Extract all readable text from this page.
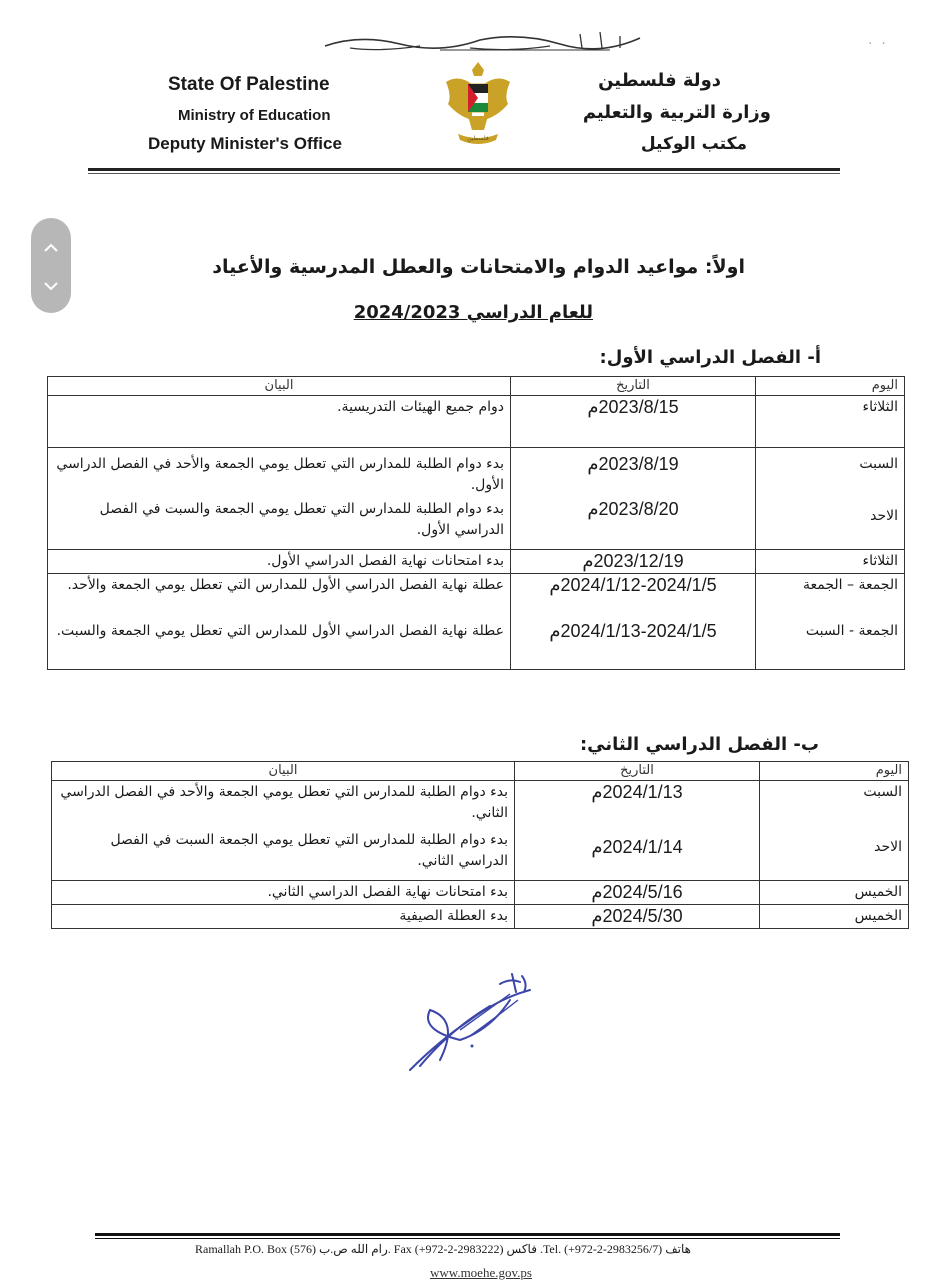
State Of Palestine
Ministry of Education
Deputy Minister's Office
دولة فلسطين
وزارة التربية والتعليم
مكتب الوكيل
فلسطين
·  ·
اولاً: مواعيد الدوام والامتحانات والعطل المدرسية والأعياد
للعام الدراسي 2024/2023
أ- الفصل الدراسي الأول:
اليوم	التاريخ	البيان
الثلاثاء	2023/8/15م	دوام جميع الهيئات التدريسية.
السبت	2023/8/19م	بدء دوام الطلبة للمدارس التي تعطل يومي الجمعة والأحد في الفصل الدراسي الأول.
الاحد	2023/8/20م	بدء دوام الطلبة للمدارس التي تعطل يومي الجمعة والسبت في الفصل الدراسي الأول.
الثلاثاء	2023/12/19م	بدء امتحانات نهاية الفصل الدراسي الأول.
الجمعة – الجمعة	2024/1/12-2024/1/5م	عطلة نهاية الفصل الدراسي الأول للمدارس التي تعطل يومي الجمعة والأحد.
الجمعة - السبت	2024/1/13-2024/1/5م	عطلة نهاية الفصل الدراسي الأول للمدارس التي تعطل يومي الجمعة والسبت.
ب- الفصل الدراسي الثاني:
اليوم	التاريخ	البيان
السبت	2024/1/13م	بدء دوام الطلبة للمدارس التي تعطل يومي الجمعة والأحد في الفصل الدراسي الثاني.
الاحد	2024/1/14م	بدء دوام الطلبة للمدارس التي تعطل يومي الجمعة السبت في الفصل الدراسي الثاني.
الخميس	2024/5/16م	بدء امتحانات نهاية الفصل الدراسي الثاني.
الخميس	2024/5/30م	بدء العطلة الصيفية
Ramallah P.O. Box (576) رام الله ص.ب. Fax (+972-2-2983222) فاكس .Tel. (+972-2-2983256/7) هاتف
www.moehe.gov.ps
